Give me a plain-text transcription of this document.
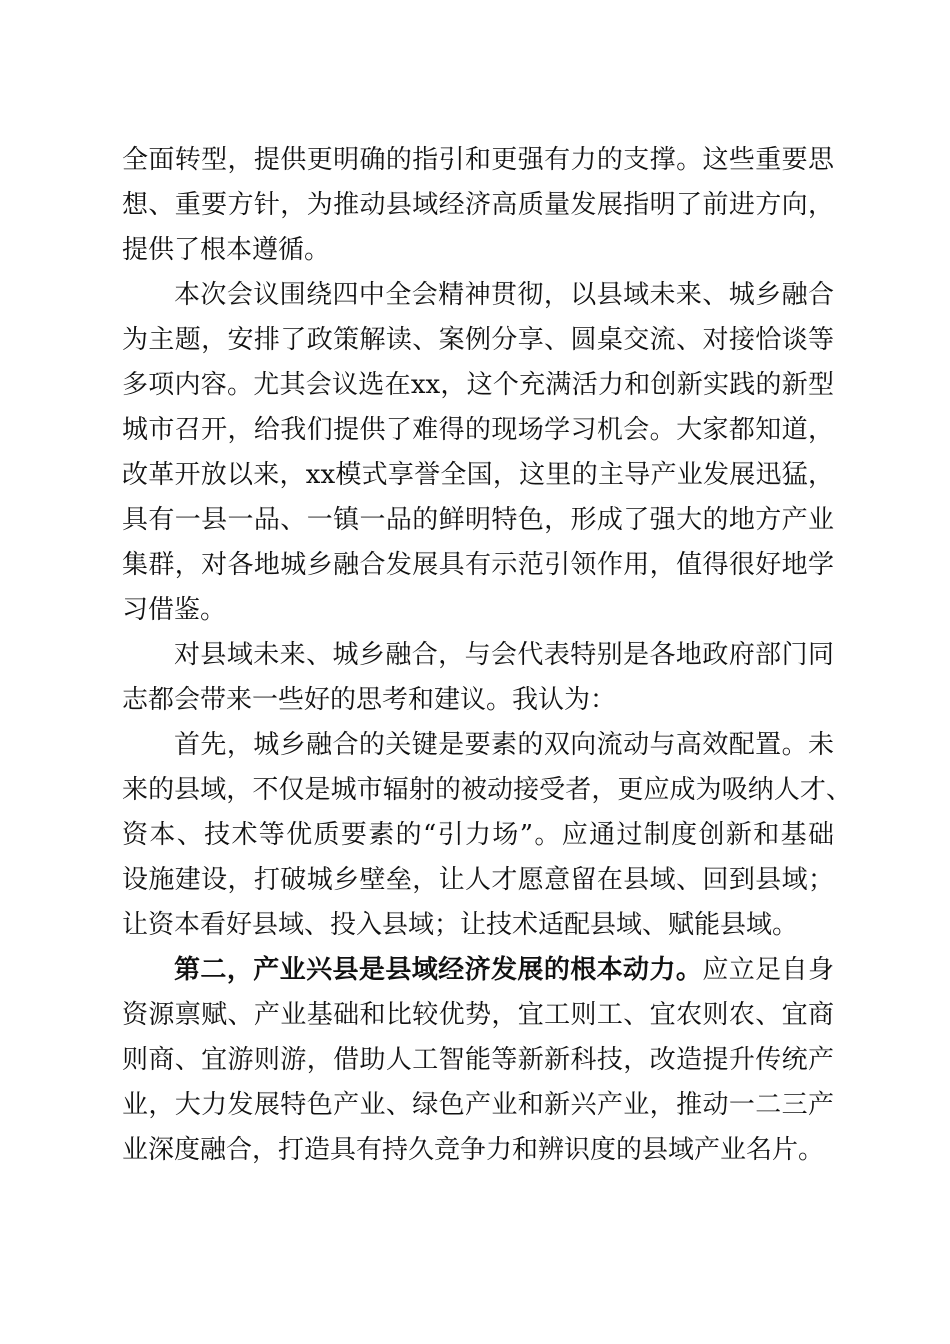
全面转型，提供更明确的指引和更强有力的支撑。这些重要思
想、重要方针，为推动县域经济高质量发展指明了前进方向，
提供了根本遵循。
本次会议围绕四中全会精神贯彻，以县域未来、城乡融合
为主题，安排了政策解读、案例分享、圆桌交流、对接恰谈等
多项内容。尤其会议选在xx，这个充满活力和创新实践的新型
城市召开，给我们提供了难得的现场学习机会。大家都知道，
改革开放以来，xx模式享誉全国，这里的主导产业发展迅猛，
具有一县一品、一镇一品的鲜明特色，形成了强大的地方产业
集群，对各地城乡融合发展具有示范引领作用，值得很好地学
习借鉴。
对县域未来、城乡融合，与会代表特别是各地政府部门同
志都会带来一些好的思考和建议。我认为：
首先，城乡融合的关键是要素的双向流动与高效配置。未
来的县域，不仅是城市辐射的被动接受者，更应成为吸纳人才、
资本、技术等优质要素的“引力场”。应通过制度创新和基础
设施建设，打破城乡壁垒，让人才愿意留在县域、回到县域；
让资本看好县域、投入县域；让技术适配县域、赋能县域。
第二，产业兴县是县域经济发展的根本动力。应立足自身
资源禀赋、产业基础和比较优势，宜工则工、宜农则农、宜商
则商、宜游则游，借助人工智能等新新科技，改造提升传统产
业，大力发展特色产业、绿色产业和新兴产业，推动一二三产
业深度融合，打造具有持久竞争力和辨识度的县域产业名片。
